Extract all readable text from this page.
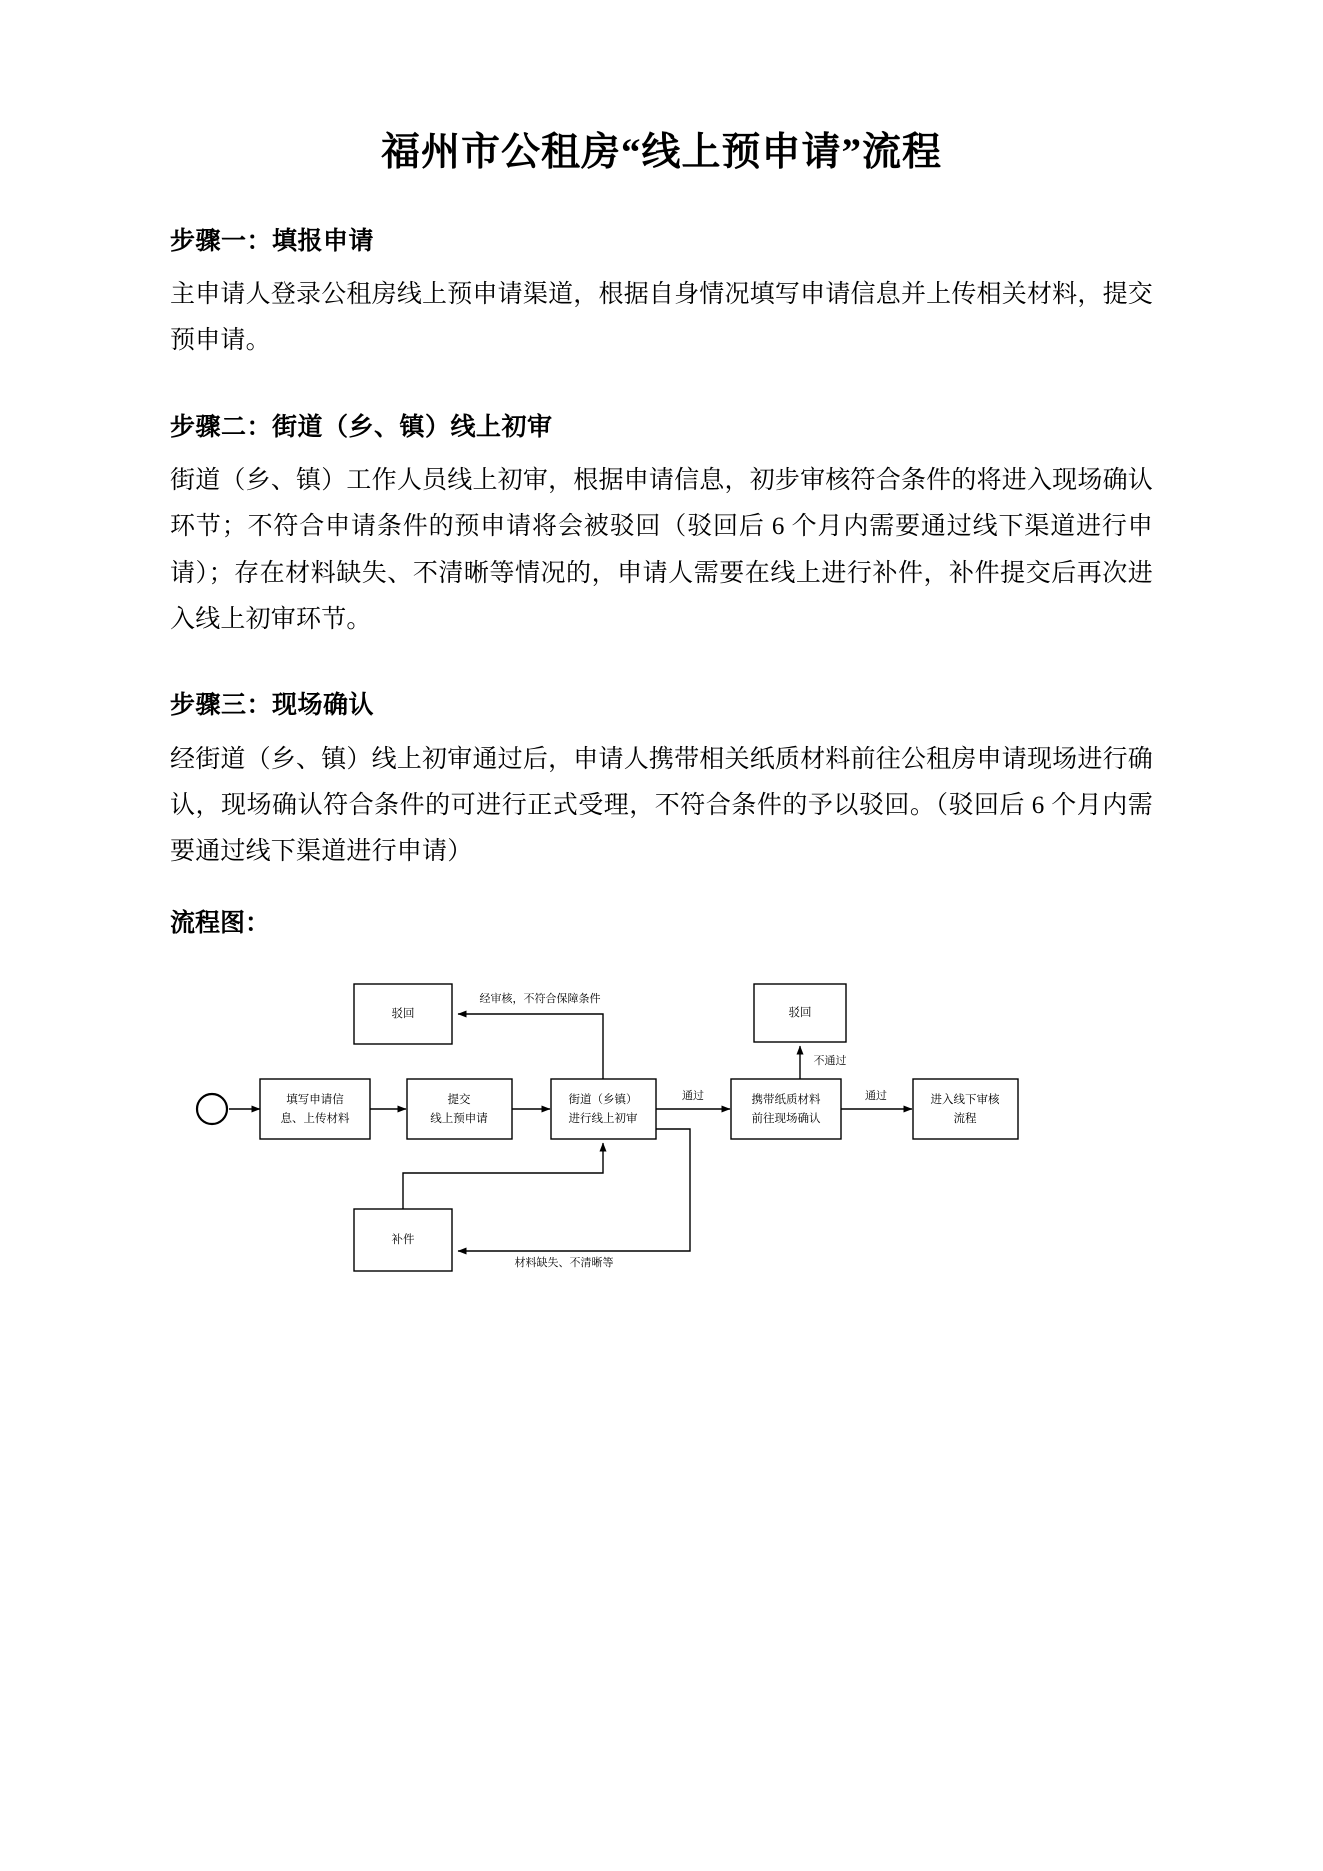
福州市公租房“线上预申请”流程
步骤一：填报申请

主申请人登录公租房线上预申请渠道，根据自身情况填写申请信息并上传相关材料，提交预申请。

步骤二：街道（乡、镇）线上初审

街道（乡、镇）工作人员线上初审，根据申请信息，初步审核符合条件的将进入现场确认环节；不符合申请条件的预申请将会被驳回（驳回后 6 个月内需要通过线下渠道进行申请）；存在材料缺失、不清晰等情况的，申请人需要在线上进行补件，补件提交后再次进入线上初审环节。

步骤三：现场确认

经街道（乡、镇）线上初审通过后，申请人携带相关纸质材料前往公租房申请现场进行确认，现场确认符合条件的可进行正式受理，不符合条件的予以驳回。（驳回后 6 个月内需要通过线下渠道进行申请）

流程图：
填写申请信
息、上传材料
提交
线上预申请
街道（乡镇）
进行线上初审
驳回
经审核，不符合保障条件
通过	携带纸质材料
前往现场确认
驳回
不通过
通过	进入线下审核
流程
补件
材料缺失、不清晰等
